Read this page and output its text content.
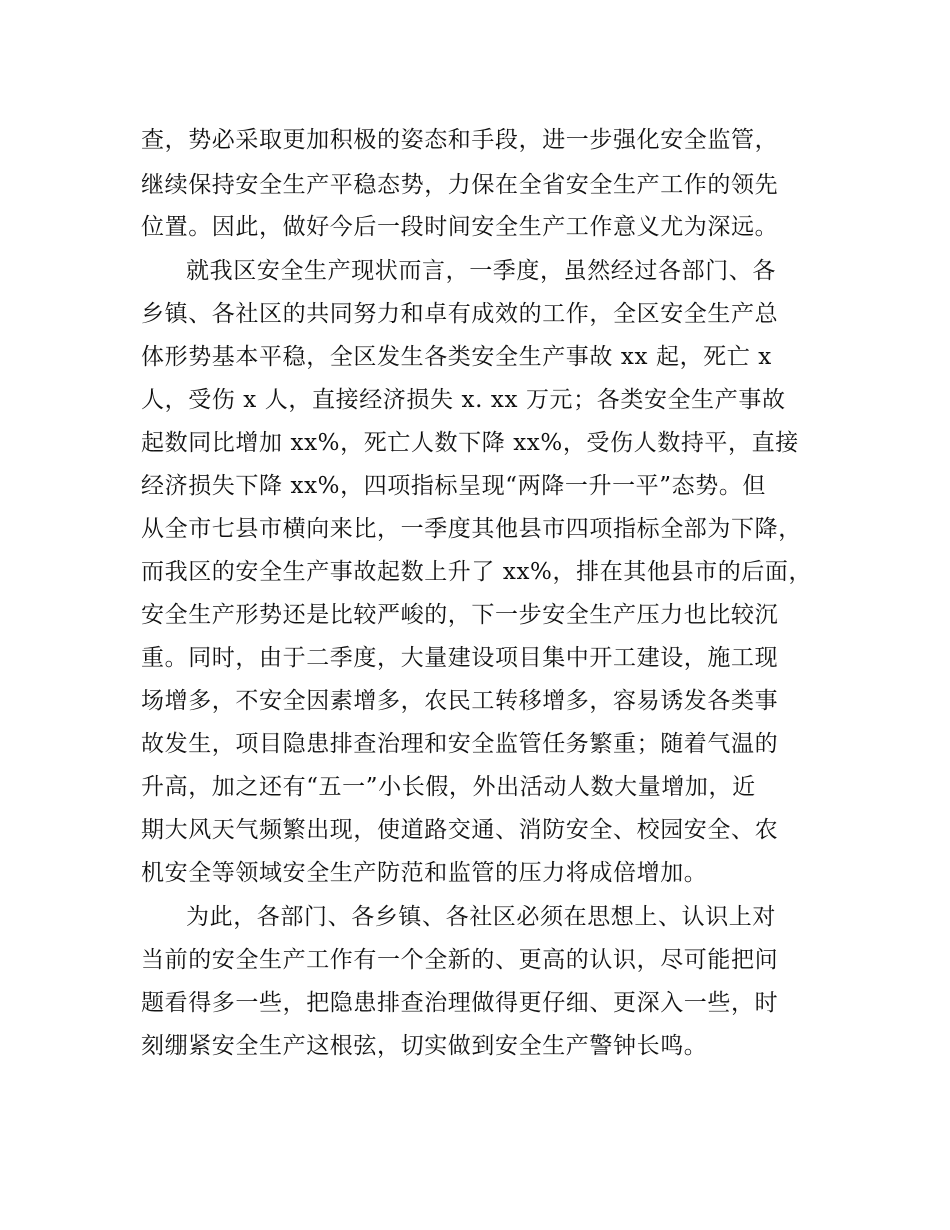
查，势必采取更加积极的姿态和手段，进一步强化安全监管，
继续保持安全生产平稳态势，力保在全省安全生产工作的领先
位置。因此，做好今后一段时间安全生产工作意义尤为深远。
就我区安全生产现状而言，一季度，虽然经过各部门、各
乡镇、各社区的共同努力和卓有成效的工作，全区安全生产总
体形势基本平稳，全区发生各类安全生产事故 xx 起，死亡 x
人，受伤 x 人，直接经济损失 x. xx 万元；各类安全生产事故
起数同比增加 xx%，死亡人数下降 xx%，受伤人数持平，直接
经济损失下降 xx%，四项指标呈现“两降一升一平”态势。但
从全市七县市横向来比，一季度其他县市四项指标全部为下降，
而我区的安全生产事故起数上升了 xx%，排在其他县市的后面，
安全生产形势还是比较严峻的，下一步安全生产压力也比较沉
重。同时，由于二季度，大量建设项目集中开工建设，施工现
场增多，不安全因素增多，农民工转移增多，容易诱发各类事
故发生，项目隐患排查治理和安全监管任务繁重；随着气温的
升高，加之还有“五一”小长假，外出活动人数大量增加，近
期大风天气频繁出现，使道路交通、消防安全、校园安全、农
机安全等领域安全生产防范和监管的压力将成倍增加。
为此，各部门、各乡镇、各社区必须在思想上、认识上对
当前的安全生产工作有一个全新的、更高的认识，尽可能把问
题看得多一些，把隐患排查治理做得更仔细、更深入一些，时
刻绷紧安全生产这根弦，切实做到安全生产警钟长鸣。
